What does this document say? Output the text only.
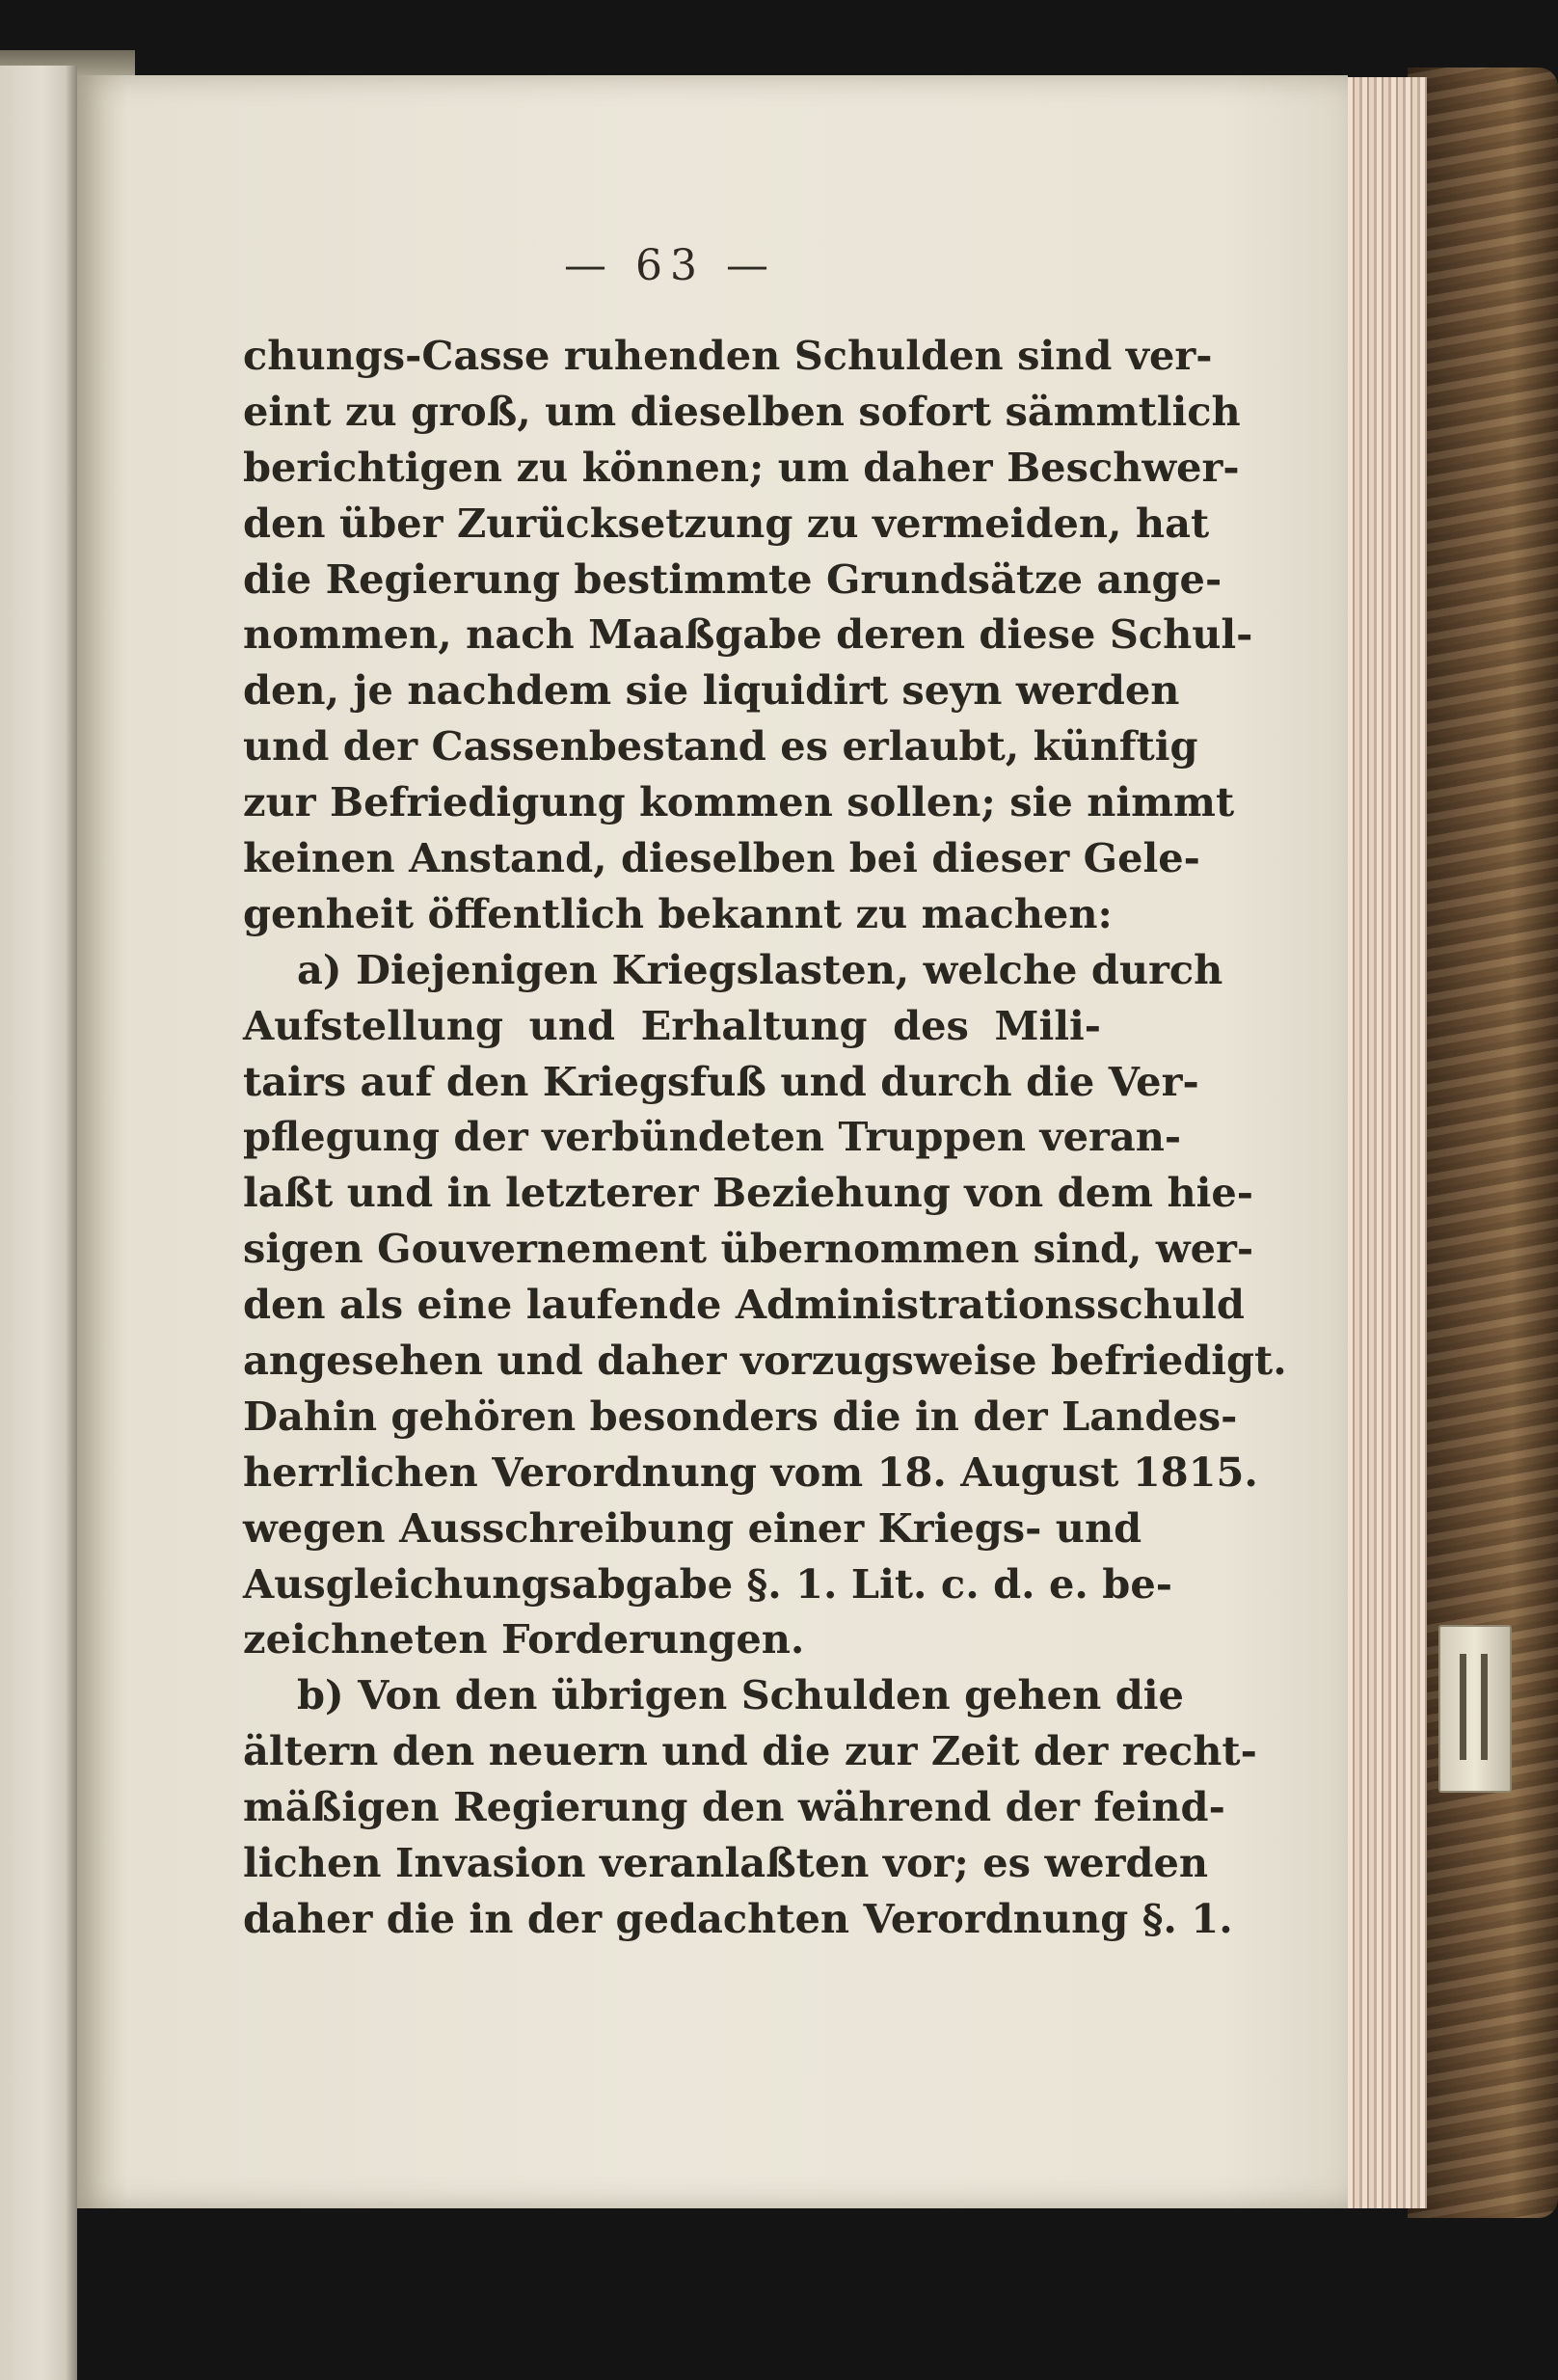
— 63 —
chungs-Casse ruhenden Schulden sind ver-
eint zu groß, um dieselben sofort sämmtlich
berichtigen zu können; um daher Beschwer-
den über Zurücksetzung zu vermeiden, hat
die Regierung bestimmte Grundsätze ange-
nommen, nach Maaßgabe deren diese Schul-
den, je nachdem sie liquidirt seyn werden
und der Cassenbestand es erlaubt, künftig
zur Befriedigung kommen sollen; sie nimmt
keinen Anstand, dieselben bei dieser Gele-
genheit öffentlich bekannt zu machen:
a) Diejenigen Kriegslasten, welche durch
Aufstellung und Erhaltung des Mili-
tairs auf den Kriegsfuß und durch die Ver-
pflegung der verbündeten Truppen veran-
laßt und in letzterer Beziehung von dem hie-
sigen Gouvernement übernommen sind, wer-
den als eine laufende Administrationsschuld
angesehen und daher vorzugsweise befriedigt.
Dahin gehören besonders die in der Landes-
herrlichen Verordnung vom 18. August 1815.
wegen Ausschreibung einer Kriegs- und
Ausgleichungsabgabe §. 1. Lit. c. d. e. be-
zeichneten Forderungen.
b) Von den übrigen Schulden gehen die
ältern den neuern und die zur Zeit der recht-
mäßigen Regierung den während der feind-
lichen Invasion veranlaßten vor; es werden
daher die in der gedachten Verordnung §. 1.
